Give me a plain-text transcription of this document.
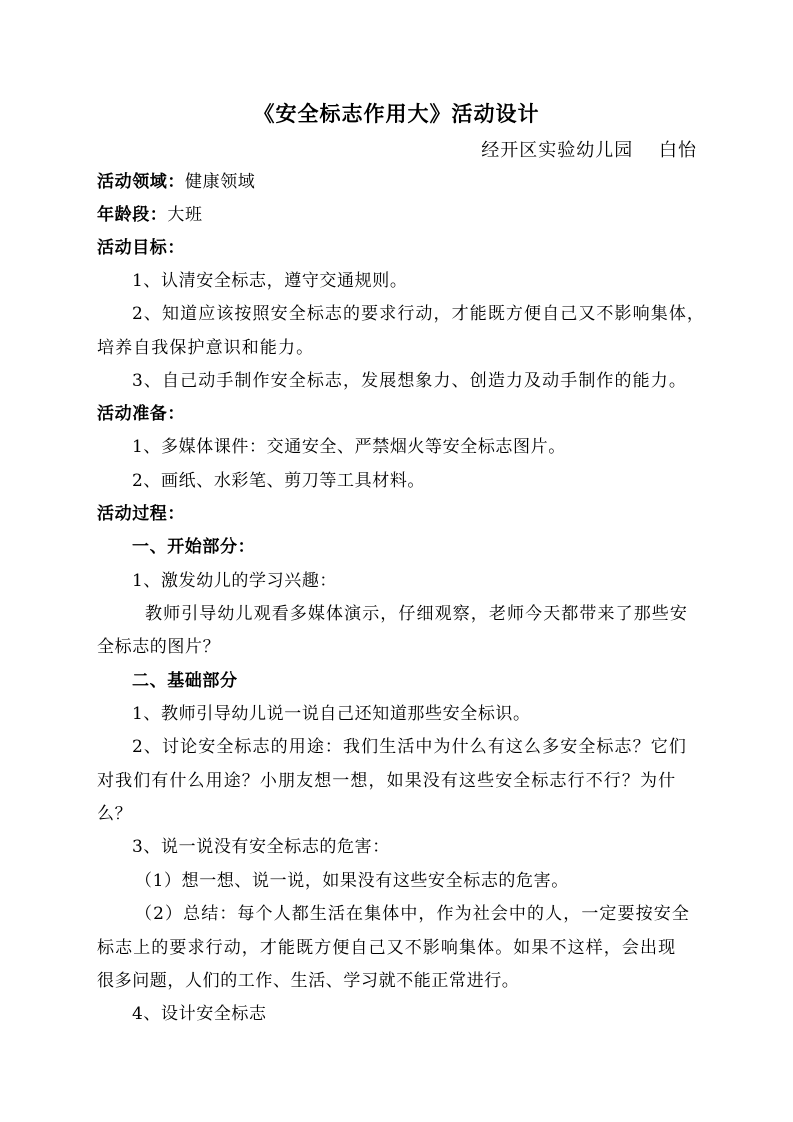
《安全标志作用大》活动设计
经开区实验幼儿园　 白怡
活动领域：健康领域
年龄段：大班
活动目标：
1、认清安全标志，遵守交通规则。
2、知道应该按照安全标志的要求行动，才能既方便自己又不影响集体，
培养自我保护意识和能力。
3、自己动手制作安全标志，发展想象力、创造力及动手制作的能力。
活动准备：
1、多媒体课件：交通安全、严禁烟火等安全标志图片。
2、画纸、水彩笔、剪刀等工具材料。
活动过程：
一、开始部分：
1、激发幼儿的学习兴趣：
教师引导幼儿观看多媒体演示，仔细观察，老师今天都带来了那些安
全标志的图片？
二、基础部分
1、教师引导幼儿说一说自己还知道那些安全标识。
2、讨论安全标志的用途：我们生活中为什么有这么多安全标志？它们
对我们有什么用途？小朋友想一想，如果没有这些安全标志行不行？为什
么？
3、说一说没有安全标志的危害：
（1）想一想、说一说，如果没有这些安全标志的危害。
（2）总结：每个人都生活在集体中，作为社会中的人，一定要按安全
标志上的要求行动，才能既方便自己又不影响集体。如果不这样，会出现
很多问题，人们的工作、生活、学习就不能正常进行。
4、设计安全标志
